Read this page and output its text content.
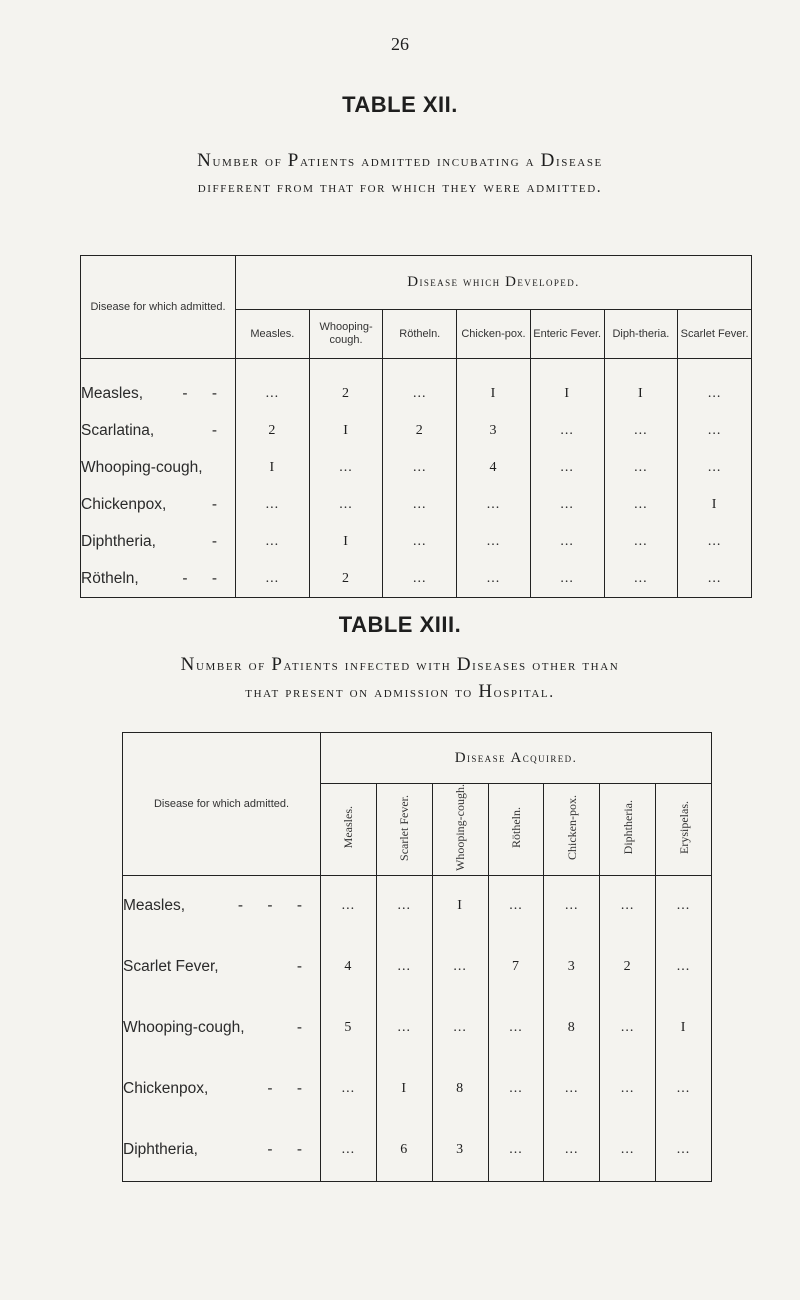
26
TABLE XII.
Number of Patients admitted incubating a Disease
different from that for which they were admitted.
Disease for which admitted.	Disease which Developed.						
	Measles.	Whooping-cough.	Rötheln.	Chicken-pox.	Enteric Fever.	Diph-theria.	Scarlet Fever.
Measles, - -	...	2	...	I	I	I	...
Scarlatina, -	2	I	2	3	...	...	...
Whooping-cough,	I	...	...	4	...	...	...
Chickenpox, -	...	...	...	...	...	...	I
Diphtheria, -	...	I	...	...	...	...	...
Rötheln, - -	...	2	...	...	...	...	...
TABLE XIII.
Number of Patients infected with Diseases other than
that present on admission to Hospital.
Disease for which admitted.	Disease Acquired.						
	Measles.	Scarlet Fever.	Whooping-cough.	Rötheln.	Chicken-pox.	Diphtheria.	Erysipelas.
Measles, - - -	...	...	I	...	...	...	...
Scarlet Fever, -	4	...	...	7	3	2	...
Whooping-cough, -	5	...	...	...	8	...	I
Chickenpox, - -	...	I	8	...	...	...	...
Diphtheria, - -	...	6	3	...	...	...	...
